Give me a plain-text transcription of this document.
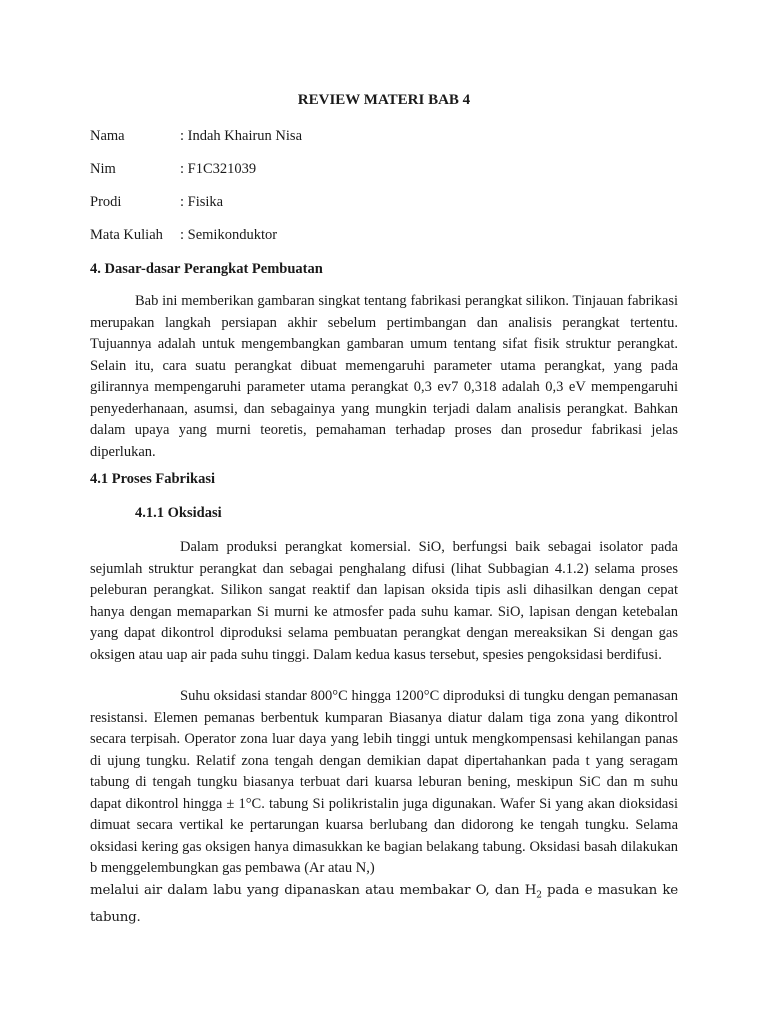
REVIEW MATERI BAB 4
Nama	: Indah Khairun Nisa
Nim	: F1C321039
Prodi	: Fisika
Mata Kuliah : Semikonduktor
4. Dasar-dasar Perangkat Pembuatan

Bab ini memberikan gambaran singkat tentang fabrikasi perangkat silikon. Tinjauan fabrikasi merupakan langkah persiapan akhir sebelum pertimbangan dan analisis perangkat tertentu. Tujuannya adalah untuk mengembangkan gambaran umum tentang sifat fisik struktur perangkat. Selain itu, cara suatu perangkat dibuat memengaruhi parameter utama perangkat, yang pada gilirannya mempengaruhi parameter utama perangkat 0,3 ev7 0,318 adalah 0,3 eV mempengaruhi penyederhanaan, asumsi, dan sebagainya yang mungkin terjadi dalam analisis perangkat. Bahkan dalam upaya yang murni teoretis, pemahaman terhadap proses dan prosedur fabrikasi jelas diperlukan.

4.1 Proses Fabrikasi
4.1.1 Oksidasi

Dalam produksi perangkat komersial. SiO, berfungsi baik sebagai isolator pada sejumlah struktur perangkat dan sebagai penghalang difusi (lihat Subbagian 4.1.2) selama proses peleburan perangkat. Silikon sangat reaktif dan lapisan oksida tipis asli dihasilkan dengan cepat hanya dengan memaparkan Si murni ke atmosfer pada suhu kamar. SiO, lapisan dengan ketebalan yang dapat dikontrol diproduksi selama pembuatan perangkat dengan mereaksikan Si dengan gas oksigen atau uap air pada suhu tinggi. Dalam kedua kasus tersebut, spesies pengoksidasi berdifusi.

Suhu oksidasi standar 800°C hingga 1200°C diproduksi di tungku dengan pemanasan resistansi. Elemen pemanas berbentuk kumparan Biasanya diatur dalam tiga zona yang dikontrol secara terpisah. Operator zona luar daya yang lebih tinggi untuk mengkompensasi kehilangan panas di ujung tungku. Relatif zona tengah dengan demikian dapat dipertahankan pada t yang seragam tabung di tengah tungku biasanya terbuat dari kuarsa leburan bening, meskipun SiC dan m suhu dapat dikontrol hingga ± 1°C. tabung Si polikristalin juga digunakan. Wafer Si yang akan dioksidasi dimuat secara vertikal ke pertarungan kuarsa berlubang dan didorong ke tengah tungku. Selama oksidasi kering gas oksigen hanya dimasukkan ke bagian belakang tabung. Oksidasi basah dilakukan b menggelembungkan gas pembawa (Ar atau N,)
melalui air dalam labu yang dipanaskan atau membakar O, dan $H_2$ pada e masukan ke tabung.
